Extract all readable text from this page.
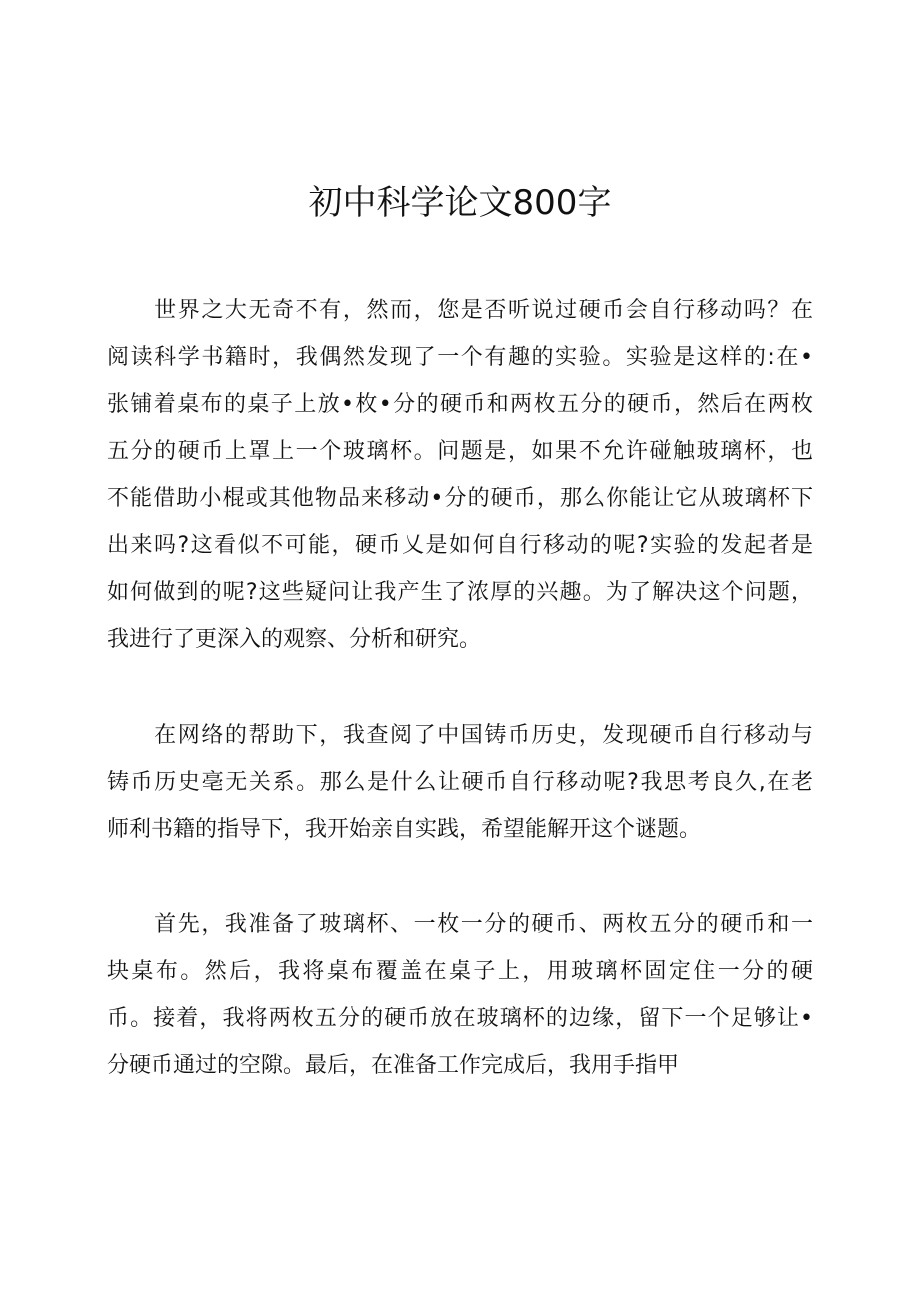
初中科学论文800字
　　世界之大无奇不有，然而，您是否听说过硬币会自行移动吗？在
阅读科学书籍时，我偶然发现了一个有趣的实验。实验是这样的:在•
张铺着桌布的桌子上放•枚•分的硬币和两枚五分的硬币，然后在两枚
五分的硬币上罩上一个玻璃杯。问题是，如果不允许碰触玻璃杯，也
不能借助小棍或其他物品来移动•分的硬币，那么你能让它从玻璃杯下
出来吗?这看似不可能，硬币乂是如何自行移动的呢?实验的发起者是
如何做到的呢?这些疑问让我产生了浓厚的兴趣。为了解决这个问题，
我进行了更深入的观察、分析和研究。
　　在网络的帮助下，我查阅了中国铸币历史，发现硬币自行移动与
铸币历史亳无关系。那么是什么让硬币自行移动呢?我思考良久,在老
师利书籍的指导下，我开始亲自实践，希望能解开这个谜题。
　　首先，我准备了玻璃杯、一枚一分的硬币、两枚五分的硬币和一
块桌布。然后，我将桌布覆盖在桌子上，用玻璃杯固定住一分的硬
币。接着，我将两枚五分的硬币放在玻璃杯的边缘，留下一个足够让•
分硬币通过的空隙。最后，在准备工作完成后，我用手指甲
